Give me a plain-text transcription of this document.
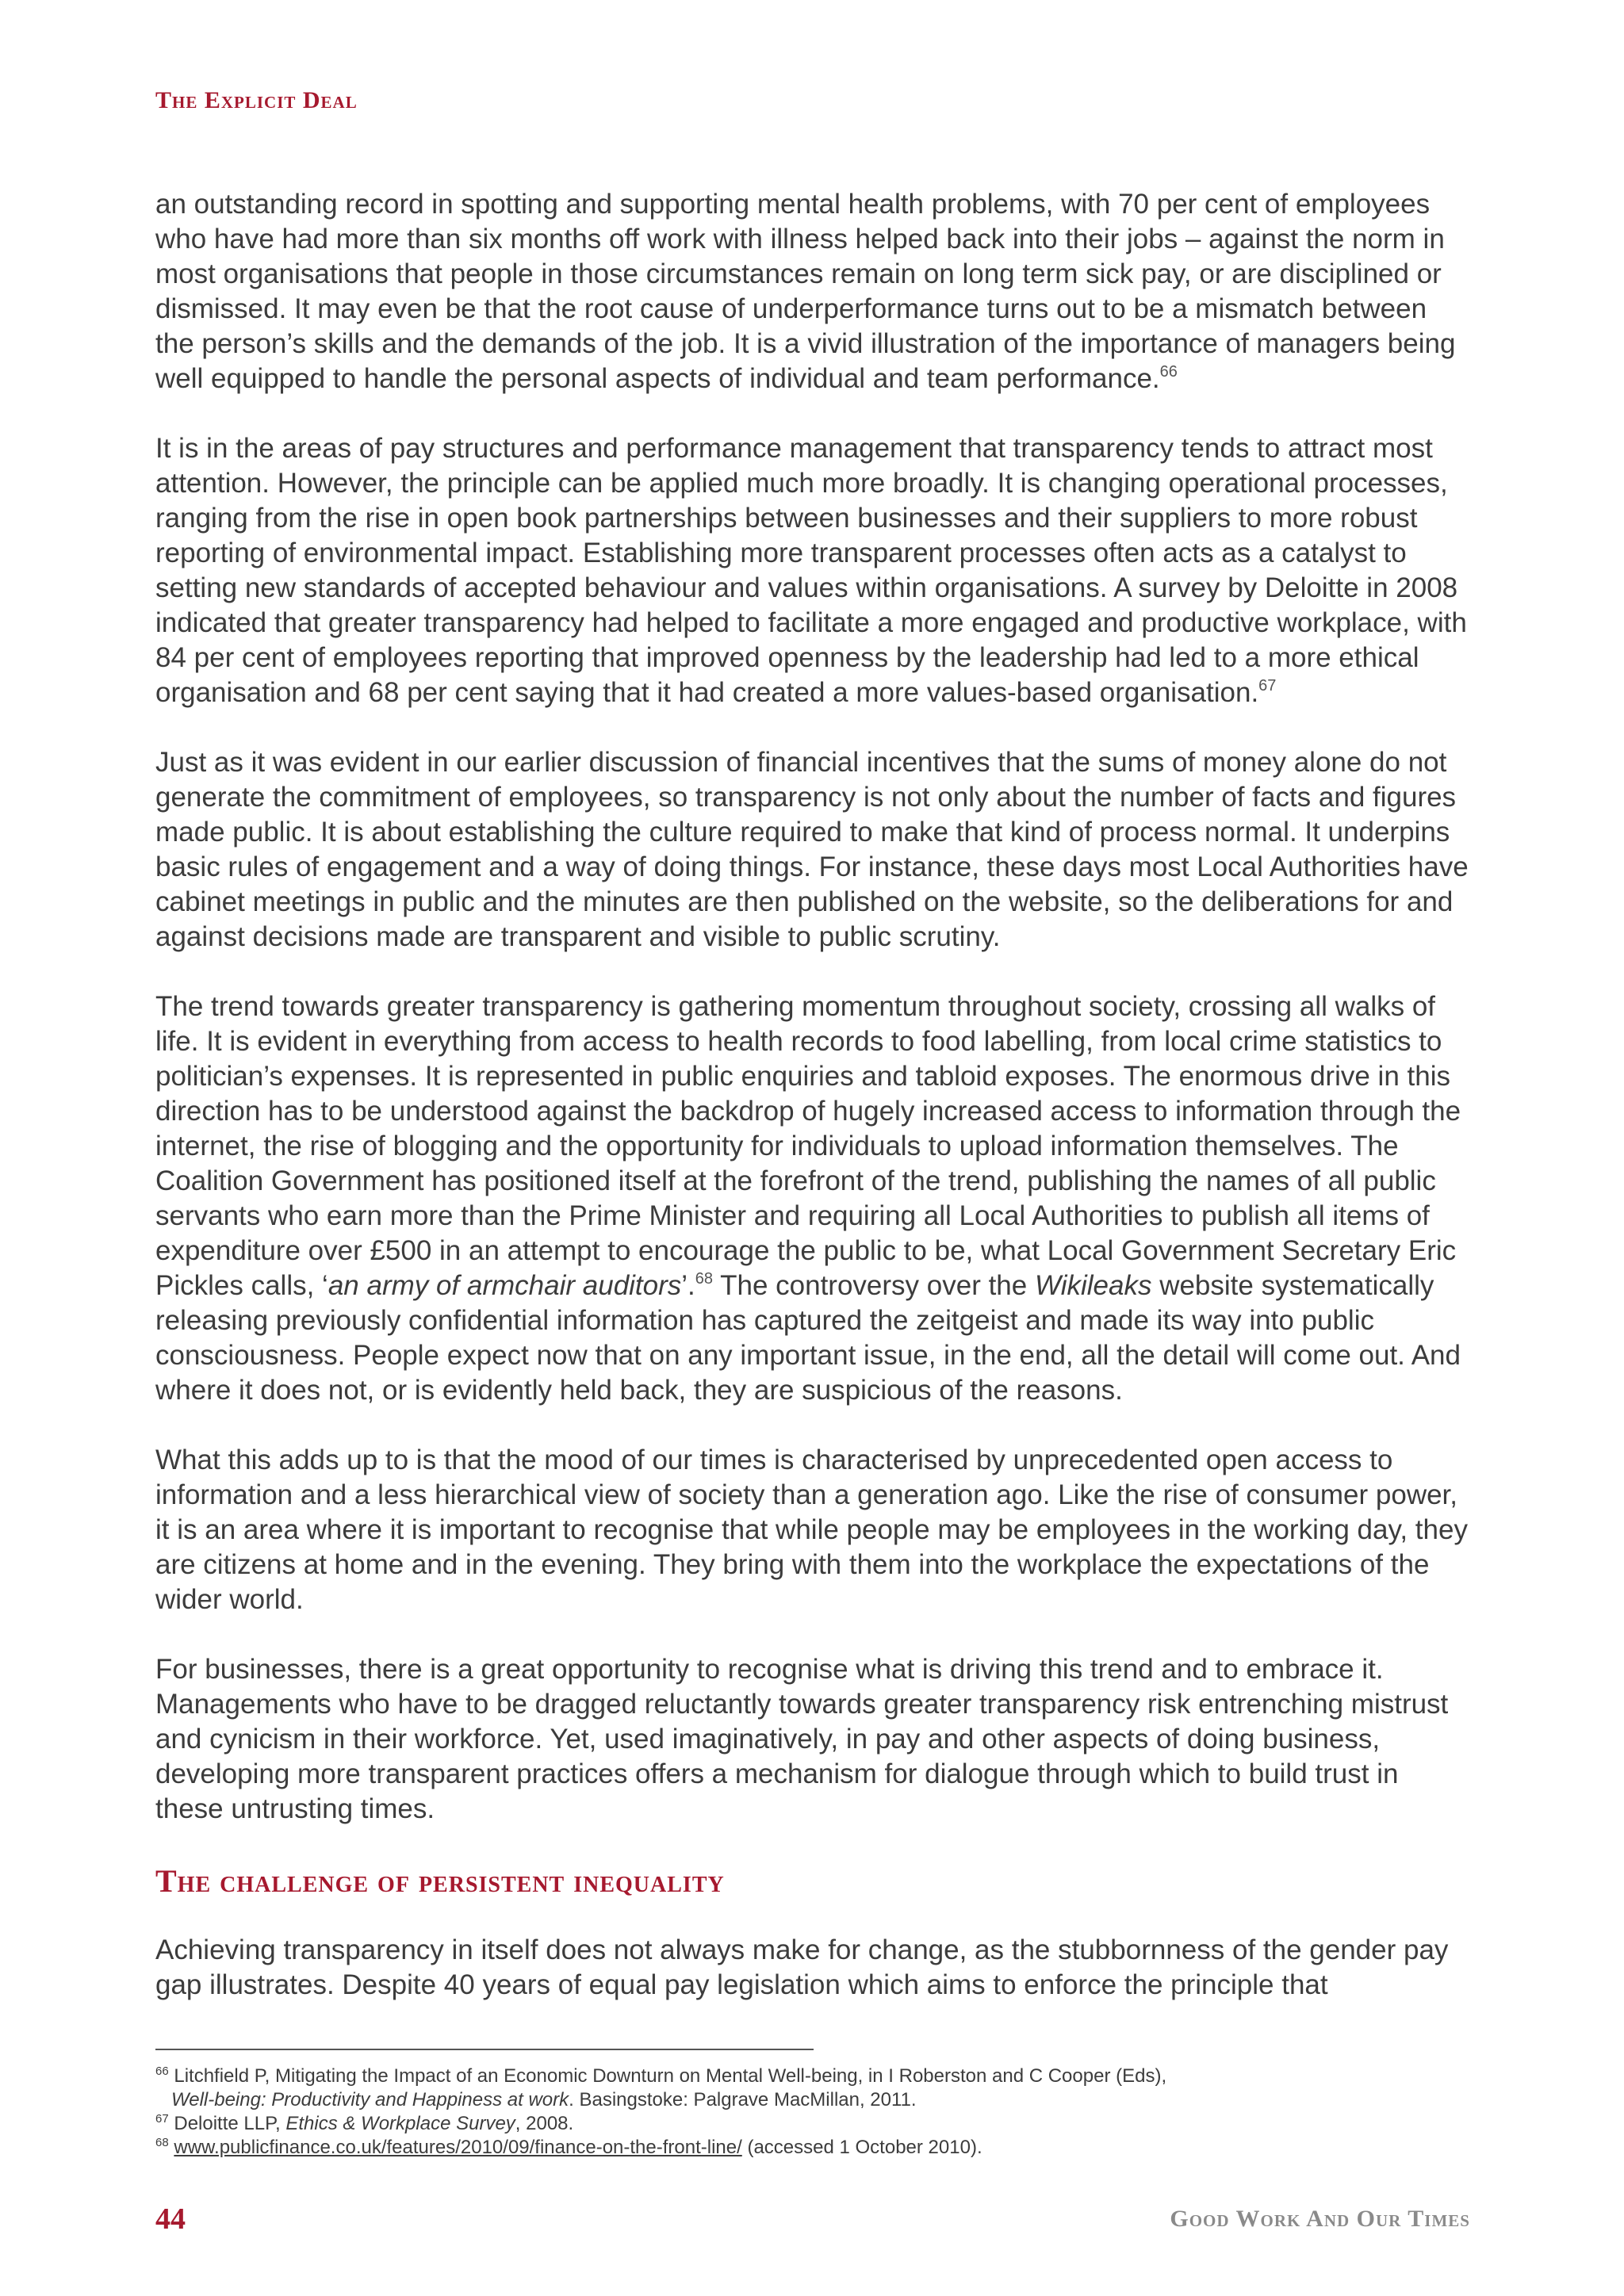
The Explicit Deal

an outstanding record in spotting and supporting mental health problems, with 70 per cent of employees who have had more than six months off work with illness helped back into their jobs – against the norm in most organisations that people in those circumstances remain on long term sick pay, or are disciplined or dismissed. It may even be that the root cause of underperformance turns out to be a mismatch between the person’s skills and the demands of the job. It is a vivid illustration of the importance of managers being well equipped to handle the personal aspects of individual and team performance.$^{66}$

It is in the areas of pay structures and performance management that transparency tends to attract most attention. However, the principle can be applied much more broadly. It is changing operational processes, ranging from the rise in open book partnerships between businesses and their suppliers to more robust reporting of environmental impact. Establishing more transparent processes often acts as a catalyst to setting new standards of accepted behaviour and values within organisations. A survey by Deloitte in 2008 indicated that greater transparency had helped to facilitate a more engaged and productive workplace, with 84 per cent of employees reporting that improved openness by the leadership had led to a more ethical organisation and 68 per cent saying that it had created a more values-based organisation.$^{67}$

Just as it was evident in our earlier discussion of financial incentives that the sums of money alone do not generate the commitment of employees, so transparency is not only about the number of facts and figures made public. It is about establishing the culture required to make that kind of process normal. It underpins basic rules of engagement and a way of doing things. For instance, these days most Local Authorities have cabinet meetings in public and the minutes are then published on the website, so the deliberations for and against decisions made are transparent and visible to public scrutiny.

The trend towards greater transparency is gathering momentum throughout society, crossing all walks of life. It is evident in everything from access to health records to food labelling, from local crime statistics to politician’s expenses. It is represented in public enquiries and tabloid exposes. The enormous drive in this direction has to be understood against the backdrop of hugely increased access to information through the internet, the rise of blogging and the opportunity for individuals to upload information themselves. The Coalition Government has positioned itself at the forefront of the trend, publishing the names of all public servants who earn more than the Prime Minister and requiring all Local Authorities to publish all items of expenditure over £500 in an attempt to encourage the public to be, what Local Government Secretary Eric Pickles calls, ‘an army of armchair auditors’.$^{68}$ The controversy over the Wikileaks website systematically releasing previously confidential information has captured the zeitgeist and made its way into public consciousness. People expect now that on any important issue, in the end, all the detail will come out. And where it does not, or is evidently held back, they are suspicious of the reasons.

What this adds up to is that the mood of our times is characterised by unprecedented open access to information and a less hierarchical view of society than a generation ago. Like the rise of consumer power, it is an area where it is important to recognise that while people may be employees in the working day, they are citizens at home and in the evening. They bring with them into the workplace the expectations of the wider world.

For businesses, there is a great opportunity to recognise what is driving this trend and to embrace it. Managements who have to be dragged reluctantly towards greater transparency risk entrenching mistrust and cynicism in their workforce. Yet, used imaginatively, in pay and other aspects of doing business, developing more transparent practices offers a mechanism for dialogue through which to build trust in these untrusting times.

The challenge of persistent inequality

Achieving transparency in itself does not always make for change, as the stubbornness of the gender pay gap illustrates. Despite 40 years of equal pay legislation which aims to enforce the principle that

$^{66}$ Litchfield P, Mitigating the Impact of an Economic Downturn on Mental Well-being, in I Roberston and C Cooper (Eds),

Well-being: Productivity and Happiness at work. Basingstoke: Palgrave MacMillan, 2011.

$^{67}$ Deloitte LLP, Ethics & Workplace Survey, 2008.

$^{68}$ www.publicfinance.co.uk/features/2010/09/finance-on-the-front-line/ (accessed 1 October 2010).

44	Good Work And Our Times
